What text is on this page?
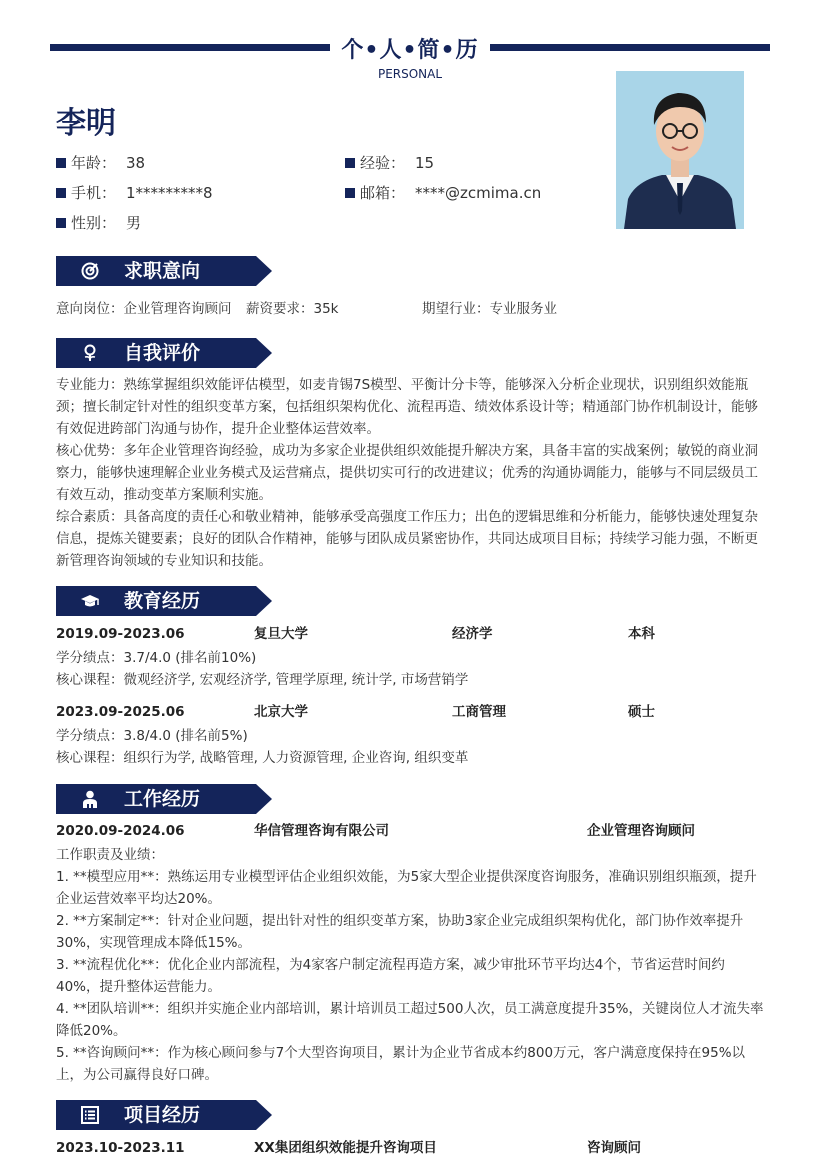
个•人•简•历
PERSONAL
李明
年龄： 38	经验： 15
手机： 1*********8	邮箱： ****@zcmima.cn
性别： 男
求职意向
意向岗位：企业管理咨询顾问 薪资要求：35k	期望行业：专业服务业
自我评价
专业能力：熟练掌握组织效能评估模型，如麦肯锡7S模型、平衡计分卡等，能够深入分析企业现状，识别组织效能瓶颈；擅长制定针对性的组织变革方案，包括组织架构优化、流程再造、绩效体系设计等；精通部门协作机制设计，能够有效促进跨部门沟通与协作，提升企业整体运营效率。
核心优势：多年企业管理咨询经验，成功为多家企业提供组织效能提升解决方案，具备丰富的实战案例；敏锐的商业洞察力，能够快速理解企业业务模式及运营痛点，提供切实可行的改进建议；优秀的沟通协调能力，能够与不同层级员工有效互动，推动变革方案顺利实施。
综合素质：具备高度的责任心和敬业精神，能够承受高强度工作压力；出色的逻辑思维和分析能力，能够快速处理复杂信息，提炼关键要素；良好的团队合作精神，能够与团队成员紧密协作，共同达成项目目标；持续学习能力强，不断更新管理咨询领域的专业知识和技能。
教育经历
2019.09-2023.06	复旦大学	经济学	本科
学分绩点：3.7/4.0 (排名前10%)
核心课程：微观经济学, 宏观经济学, 管理学原理, 统计学, 市场营销学
2023.09-2025.06	北京大学	工商管理	硕士
学分绩点：3.8/4.0 (排名前5%)
核心课程：组织行为学, 战略管理, 人力资源管理, 企业咨询, 组织变革
工作经历
2020.09-2024.06	华信管理咨询有限公司	企业管理咨询顾问
工作职责及业绩：
1. **模型应用**：熟练运用专业模型评估企业组织效能，为5家大型企业提供深度咨询服务，准确识别组织瓶颈，提升企业运营效率平均达20%。
2. **方案制定**：针对企业问题，提出针对性的组织变革方案，协助3家企业完成组织架构优化，部门协作效率提升30%，实现管理成本降低15%。
3. **流程优化**：优化企业内部流程，为4家客户制定流程再造方案，减少审批环节平均达4个，节省运营时间约40%，提升整体运营能力。
4. **团队培训**：组织并实施企业内部培训，累计培训员工超过500人次，员工满意度提升35%，关键岗位人才流失率降低20%。
5. **咨询顾问**：作为核心顾问参与7个大型咨询项目，累计为企业节省成本约800万元，客户满意度保持在95%以上，为公司赢得良好口碑。
项目经历
2023.10-2023.11	XX集团组织效能提升咨询项目	咨询顾问
